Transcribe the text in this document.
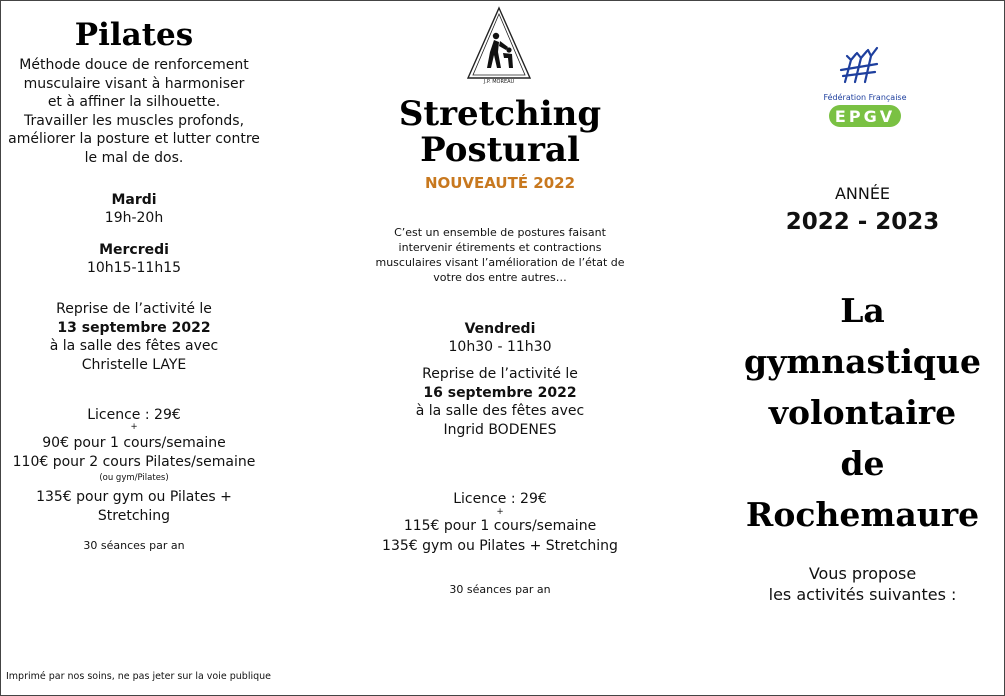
Pilates
Méthode douce de renforcement
musculaire visant à harmoniser
et à affiner la silhouette.
Travailler les muscles profonds,
améliorer la posture et lutter contre
le mal de dos.
Mardi
19h-20h
Mercredi
10h15-11h15
Reprise de l’activité le
13 septembre 2022
à la salle des fêtes avec
Christelle LAYE
Licence : 29€
+
90€ pour 1 cours/semaine
110€ pour 2 cours Pilates/semaine
(ou gym/Pilates)
135€ pour gym ou Pilates +
Stretching
30 séances par an
J.P. MOREAU
Stretching
Postural
NOUVEAUTÉ 2022
C’est un ensemble de postures faisant
intervenir étirements et contractions
musculaires visant l’amélioration de l’état de
votre dos entre autres…
Vendredi
10h30 - 11h30
Reprise de l’activité le
16 septembre 2022
à la salle des fêtes avec
Ingrid BODENES
Licence : 29€
+
115€ pour 1 cours/semaine
135€ gym ou Pilates + Stretching
30 séances par an
Fédération Française
EPGV
ANNÉE
2022 - 2023
La gymnastique
volontaire
de Rochemaure
Vous propose
les activités suivantes :
Imprimé par nos soins, ne pas jeter sur la voie publique
